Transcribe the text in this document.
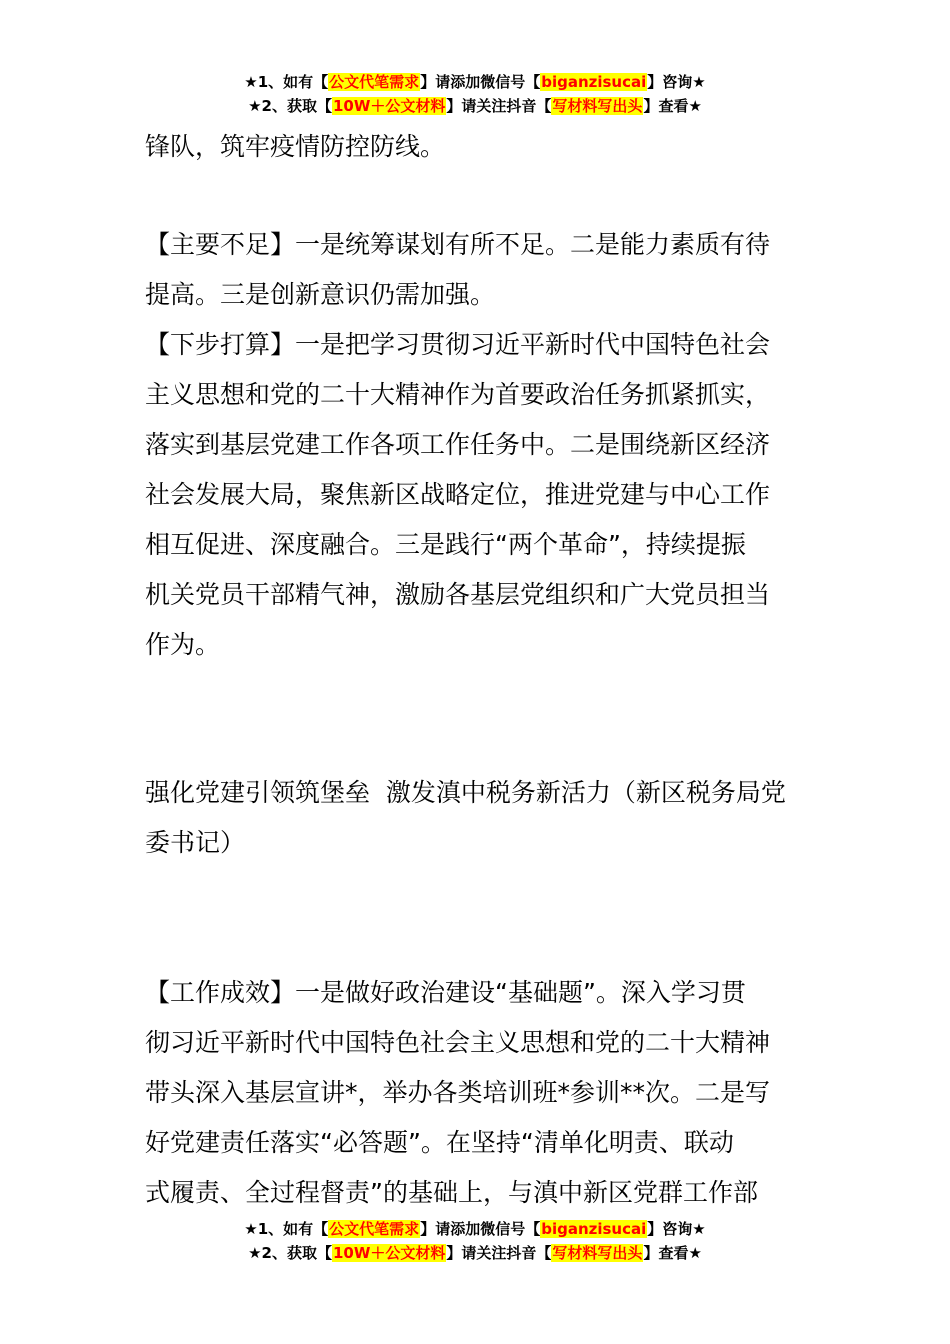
★1、如有【公文代笔需求】请添加微信号【biganzisucai】咨询★
★2、获取【10W＋公文材料】请关注抖音【写材料写出头】查看★
锋队，筑牢疫情防控防线。
【主要不足】一是统筹谋划有所不足。二是能力素质有待
提高。三是创新意识仍需加强。
【下步打算】一是把学习贯彻习近平新时代中国特色社会
主义思想和党的二十大精神作为首要政治任务抓紧抓实，
落实到基层党建工作各项工作任务中。二是围绕新区经济
社会发展大局，聚焦新区战略定位，推进党建与中心工作
相互促进、深度融合。三是践行“两个革命”，持续提振
机关党员干部精气神，激励各基层党组织和广大党员担当
作为。
强化党建引领筑堡垒  激发滇中税务新活力（新区税务局党
委书记）
【工作成效】一是做好政治建设“基础题”。深入学习贯
彻习近平新时代中国特色社会主义思想和党的二十大精神
带头深入基层宣讲*，举办各类培训班*参训**次。二是写
好党建责任落实“必答题”。在坚持“清单化明责、联动
式履责、全过程督责”的基础上，与滇中新区党群工作部
★1、如有【公文代笔需求】请添加微信号【biganzisucai】咨询★
★2、获取【10W＋公文材料】请关注抖音【写材料写出头】查看★
